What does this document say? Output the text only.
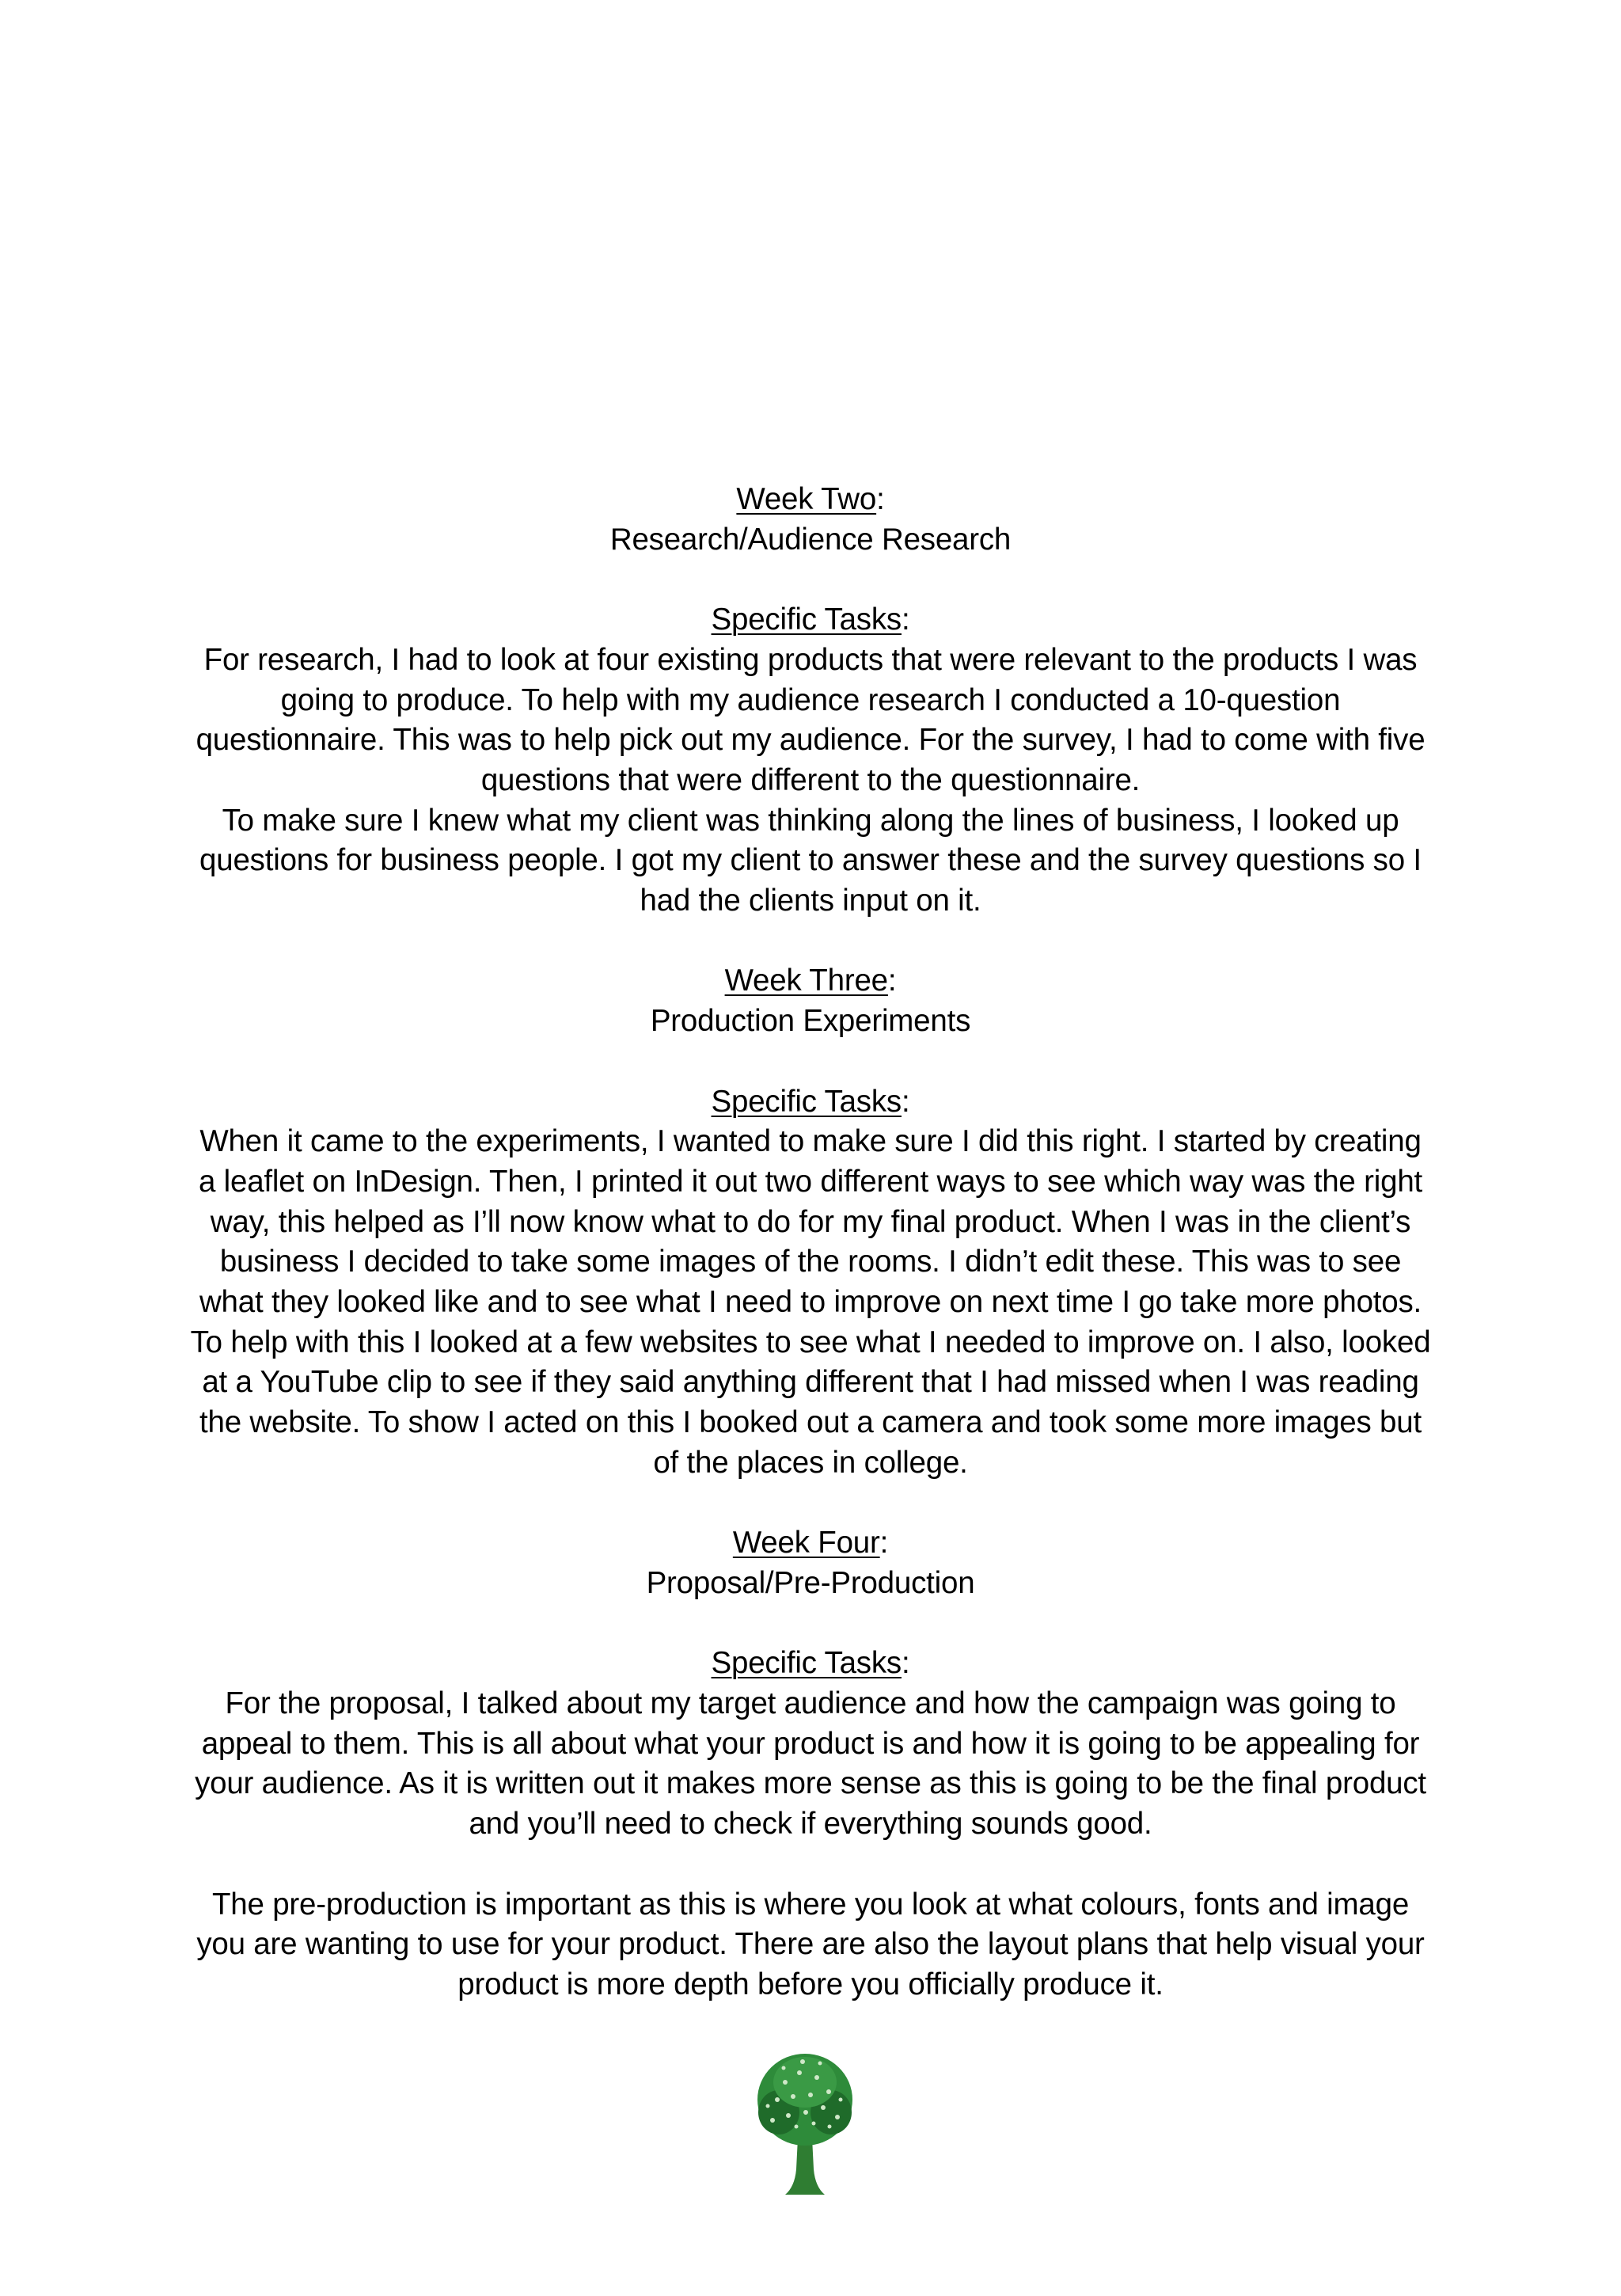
Week Two:

Research/Audience Research

Specific Tasks:

For research, I had to look at four existing products that were relevant to the products I was going to produce. To help with my audience research I conducted a 10-question questionnaire. This was to help pick out my audience. For the survey, I had to come with five questions that were different to the questionnaire.

To make sure I knew what my client was thinking along the lines of business, I looked up questions for business people. I got my client to answer these and the survey questions so I had the clients input on it.

Week Three:

Production Experiments

Specific Tasks:

When it came to the experiments, I wanted to make sure I did this right. I started by creating a leaflet on InDesign. Then, I printed it out two different ways to see which way was the right way, this helped as I’ll now know what to do for my final product. When I was in the client’s business I decided to take some images of the rooms. I didn’t edit these. This was to see what they looked like and to see what I need to improve on next time I go take more photos. To help with this I looked at a few websites to see what I needed to improve on. I also, looked at a YouTube clip to see if they said anything different that I had missed when I was reading the website. To show I acted on this I booked out a camera and took some more images but of the places in college.

Week Four:

Proposal/Pre-Production

Specific Tasks:

For the proposal, I talked about my target audience and how the campaign was going to appeal to them. This is all about what your product is and how it is going to be appealing for your audience. As it is written out it makes more sense as this is going to be the final product and you’ll need to check if everything sounds good.

The pre-production is important as this is where you look at what colours, fonts and image you are wanting to use for your product. There are also the layout plans that help visual your product is more depth before you officially produce it.
